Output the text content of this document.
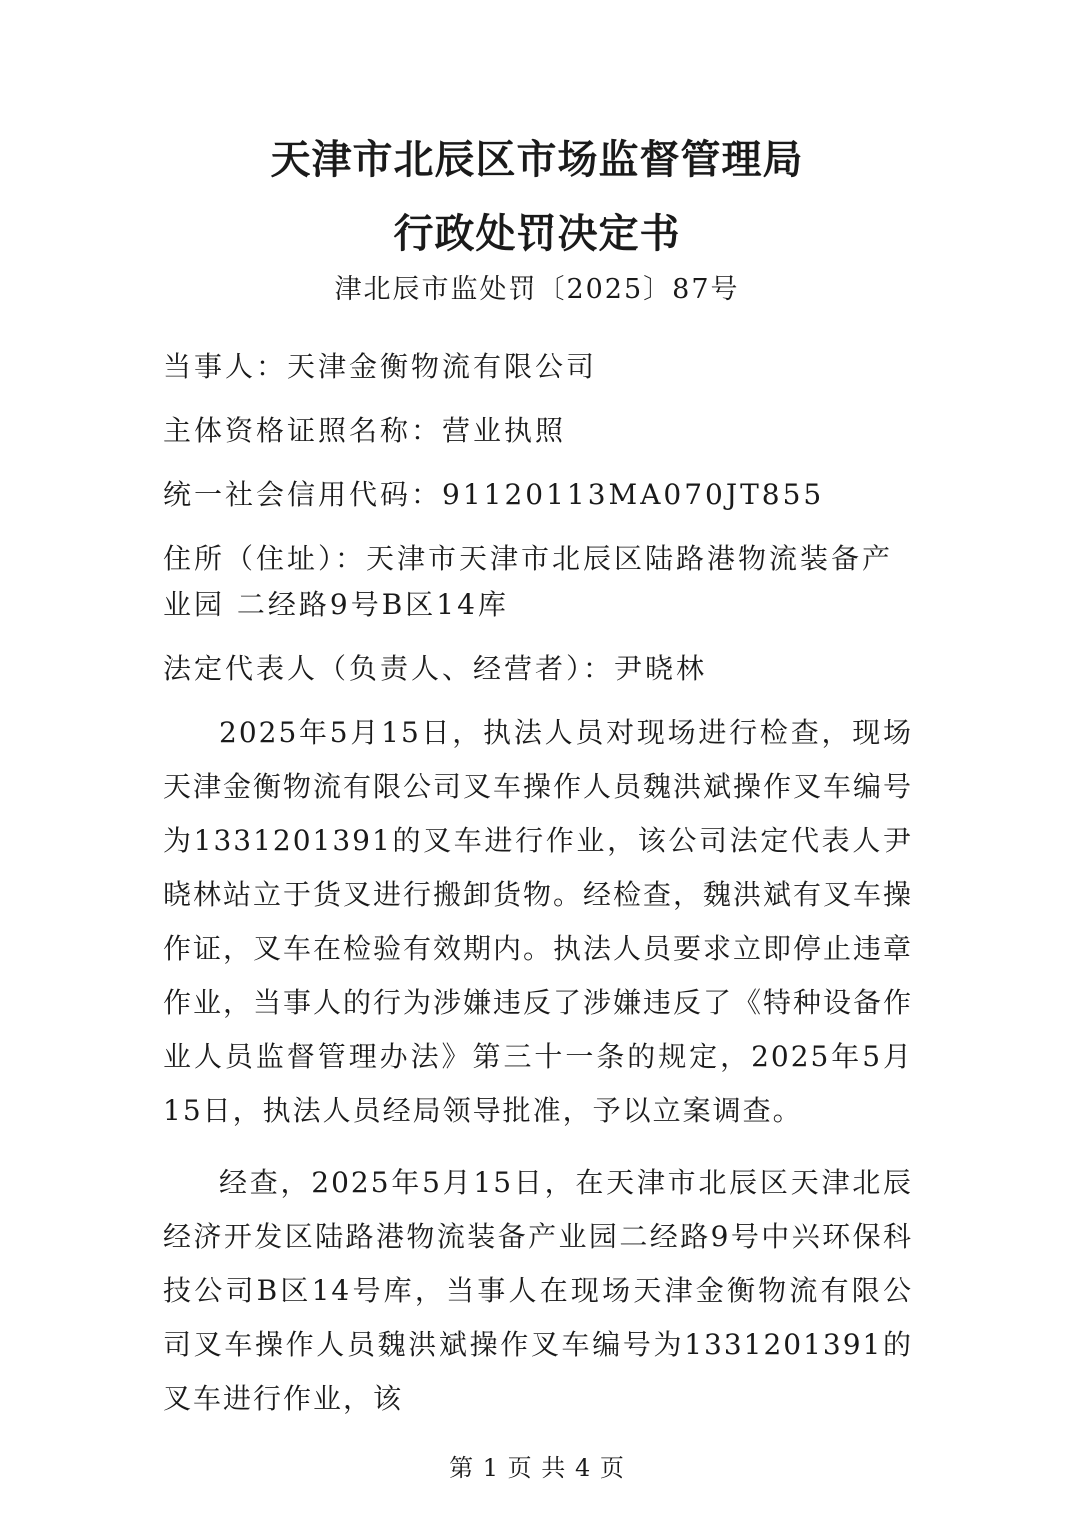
天津市北辰区市场监督管理局
行政处罚决定书
津北辰市监处罚〔2025〕87号
当事人：天津金衡物流有限公司
主体资格证照名称：营业执照
统一社会信用代码：91120113MA070JT855
住所（住址）：天津市天津市北辰区陆路港物流装备产业园 二经路9号B区14库
法定代表人（负责人、经营者）：尹晓林

2025年5月15日，执法人员对现场进行检查，现场天津金衡物流有限公司叉车操作人员魏洪斌操作叉车编号为1331201391的叉车进行作业，该公司法定代表人尹晓林站立于货叉进行搬卸货物。经检查，魏洪斌有叉车操作证，叉车在检验有效期内。执法人员要求立即停止违章作业，当事人的行为涉嫌违反了涉嫌违反了《特种设备作业人员监督管理办法》第三十一条的规定，2025年5月15日，执法人员经局领导批准，予以立案调查。

经查，2025年5月15日，在天津市北辰区天津北辰经济开发区陆路港物流装备产业园二经路9号中兴环保科技公司B区14号库，当事人在现场天津金衡物流有限公司叉车操作人员魏洪斌操作叉车编号为1331201391的叉车进行作业，该

第 1 页 共 4 页
